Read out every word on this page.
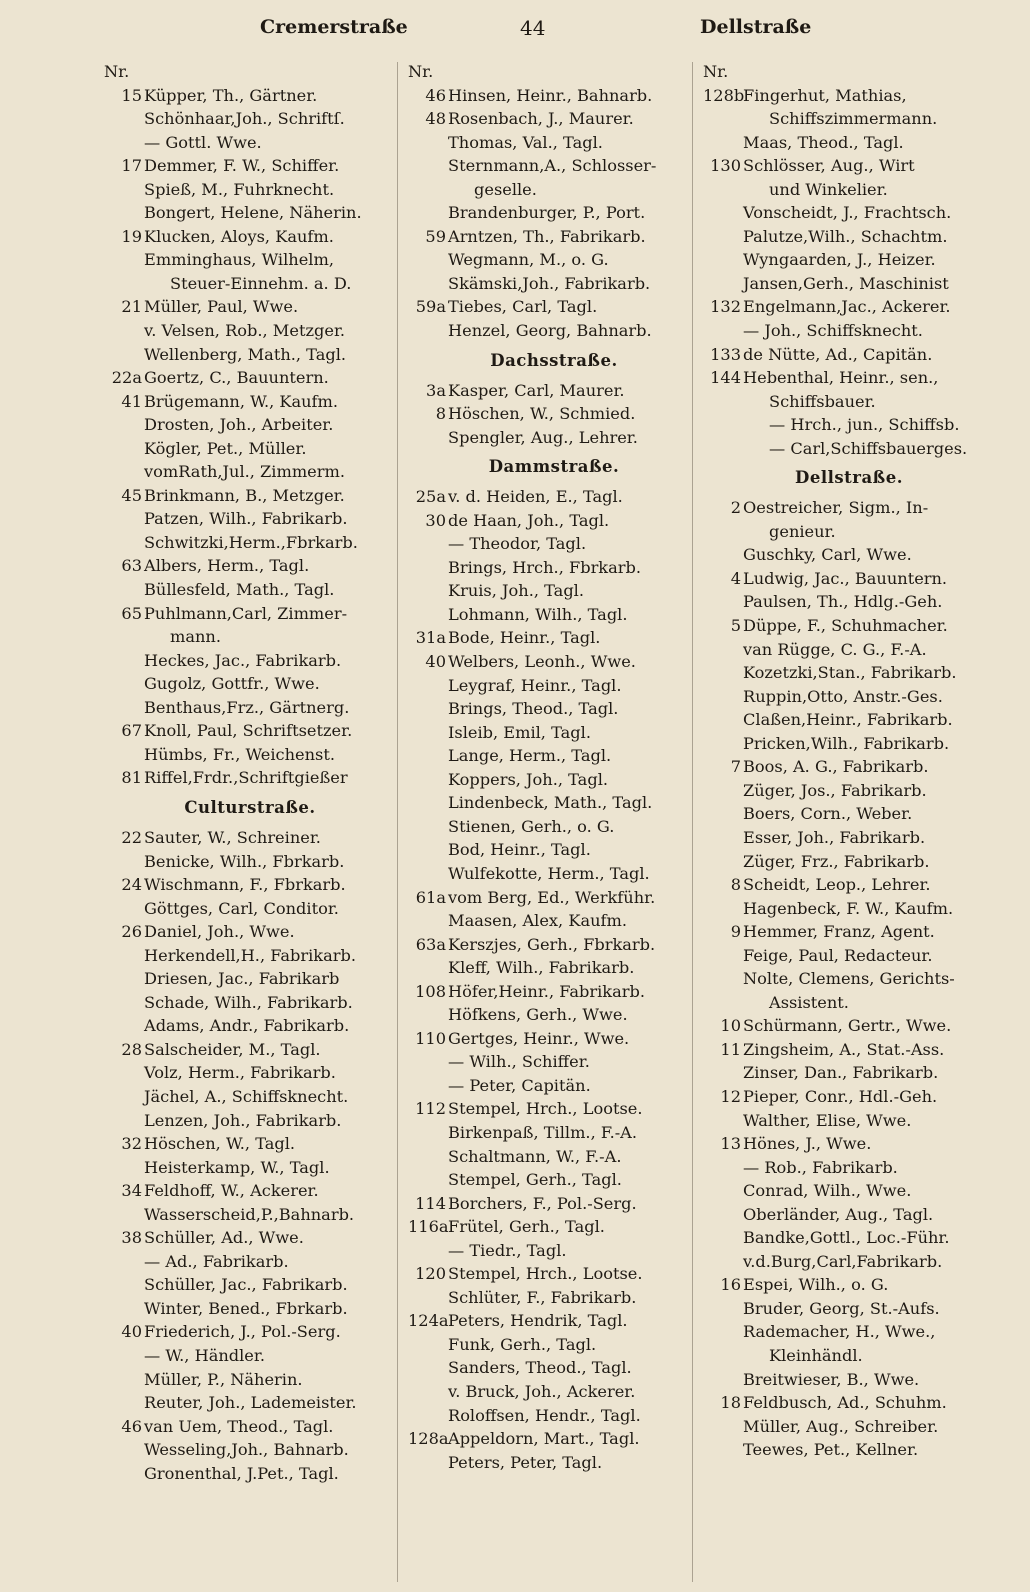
Cremerstraße	44	Dellstraße
Nr.
15 Küpper, Th., Gärtner.
Schönhaar,Joh., Schriftſ.
— Gottl. Wwe.
17 Demmer, F. W., Schiffer.
Spieß, M., Fuhrknecht.
Bongert, Helene, Näherin.
19 Klucken, Aloys, Kaufm.
Emminghaus, Wilhelm,
Steuer-Einnehm. a. D.
21 Müller, Paul, Wwe.
v. Velsen, Rob., Metzger.
Wellenberg, Math., Tagl.
22a Goertz, C., Bauuntern.
41 Brügemann, W., Kaufm.
Drosten, Joh., Arbeiter.
Kögler, Pet., Müller.
vomRath,Jul., Zimmerm.
45 Brinkmann, B., Metzger.
Patzen, Wilh., Fabrikarb.
Schwitzki,Herm.,Fbrkarb.
63 Albers, Herm., Tagl.
Büllesfeld, Math., Tagl.
65 Puhlmann,Carl, Zimmer-
mann.
Heckes, Jac., Fabrikarb.
Gugolz, Gottfr., Wwe.
Benthaus,Frz., Gärtnerg.
67 Knoll, Paul, Schriftsetzer.
Hümbs, Fr., Weichenst.
81 Riffel,Frdr.,Schriftgießer
Culturstraße.
22 Sauter, W., Schreiner.
Benicke, Wilh., Fbrkarb.
24 Wischmann, F., Fbrkarb.
Göttges, Carl, Conditor.
26 Daniel, Joh., Wwe.
Herkendell,H., Fabrikarb.
Driesen, Jac., Fabrikarb
Schade, Wilh., Fabrikarb.
Adams, Andr., Fabrikarb.
28 Salscheider, M., Tagl.
Volz, Herm., Fabrikarb.
Jächel, A., Schiffsknecht.
Lenzen, Joh., Fabrikarb.
32 Höschen, W., Tagl.
Heisterkamp, W., Tagl.
34 Feldhoff, W., Ackerer.
Wasserscheid,P.,Bahnarb.
38 Schüller, Ad., Wwe.
— Ad., Fabrikarb.
Schüller, Jac., Fabrikarb.
Winter, Bened., Fbrkarb.
40 Friederich, J., Pol.-Serg.
— W., Händler.
Müller, P., Näherin.
Reuter, Joh., Lademeister.
46 van Uem, Theod., Tagl.
Wesseling,Joh., Bahnarb.
Gronenthal, J.Pet., Tagl.
Nr.
46 Hinsen, Heinr., Bahnarb.
48 Rosenbach, J., Maurer.
Thomas, Val., Tagl.
Sternmann,A., Schlosser-
geselle.
Brandenburger, P., Port.
59 Arntzen, Th., Fabrikarb.
Wegmann, M., o. G.
Skämski,Joh., Fabrikarb.
59a Tiebes, Carl, Tagl.
Henzel, Georg, Bahnarb.
Dachsstraße.
3a Kasper, Carl, Maurer.
8 Höschen, W., Schmied.
Spengler, Aug., Lehrer.
Dammstraße.
25a v. d. Heiden, E., Tagl.
30 de Haan, Joh., Tagl.
— Theodor, Tagl.
Brings, Hrch., Fbrkarb.
Kruis, Joh., Tagl.
Lohmann, Wilh., Tagl.
31a Bode, Heinr., Tagl.
40 Welbers, Leonh., Wwe.
Leygraf, Heinr., Tagl.
Brings, Theod., Tagl.
Isleib, Emil, Tagl.
Lange, Herm., Tagl.
Koppers, Joh., Tagl.
Lindenbeck, Math., Tagl.
Stienen, Gerh., o. G.
Bod, Heinr., Tagl.
Wulfekotte, Herm., Tagl.
61a vom Berg, Ed., Werkführ.
Maasen, Alex, Kaufm.
63a Kerszjes, Gerh., Fbrkarb.
Kleff, Wilh., Fabrikarb.
108 Höfer,Heinr., Fabrikarb.
Höfkens, Gerh., Wwe.
110 Gertges, Heinr., Wwe.
— Wilh., Schiffer.
— Peter, Capitän.
112 Stempel, Hrch., Lootse.
Birkenpaß, Tillm., F.-A.
Schaltmann, W., F.-A.
Stempel, Gerh., Tagl.
114 Borchers, F., Pol.-Serg.
116a Frütel, Gerh., Tagl.
— Tiedr., Tagl.
120 Stempel, Hrch., Lootse.
Schlüter, F., Fabrikarb.
124a Peters, Hendrik, Tagl.
Funk, Gerh., Tagl.
Sanders, Theod., Tagl.
v. Bruck, Joh., Ackerer.
Roloffsen, Hendr., Tagl.
128a Appeldorn, Mart., Tagl.
Peters, Peter, Tagl.
Nr.
128b
Fingerhut, Mathias,
Schiffszimmermann.
Maas, Theod., Tagl.
130 Schlösser, Aug., Wirt
und Winkelier.
Vonscheidt, J., Frachtsch.
Palutze,Wilh., Schachtm.
Wyngaarden, J., Heizer.
Jansen,Gerh., Maschinist
132 Engelmann,Jac., Ackerer.
— Joh., Schiffsknecht.
133 de Nütte, Ad., Capitän.
144 Hebenthal, Heinr., sen.,
Schiffsbauer.
— Hrch., jun., Schiffsb.
— Carl,Schiffsbauerges.
Dellstraße.
2 Oestreicher, Sigm., In-
genieur.
Guschky, Carl, Wwe.
4 Ludwig, Jac., Bauuntern.
Paulsen, Th., Hdlg.-Geh.
5 Düppe, F., Schuhmacher.
van Rügge, C. G., F.-A.
Kozetzki,Stan., Fabrikarb.
Ruppin,Otto, Anstr.-Ges.
Claßen,Heinr., Fabrikarb.
Pricken,Wilh., Fabrikarb.
7 Boos, A. G., Fabrikarb.
Züger, Jos., Fabrikarb.
Boers, Corn., Weber.
Esser, Joh., Fabrikarb.
Züger, Frz., Fabrikarb.
8 Scheidt, Leop., Lehrer.
Hagenbeck, F. W., Kaufm.
9 Hemmer, Franz, Agent.
Feige, Paul, Redacteur.
Nolte, Clemens, Gerichts-
Assistent.
10 Schürmann, Gertr., Wwe.
11 Zingsheim, A., Stat.-Ass.
Zinser, Dan., Fabrikarb.
12 Pieper, Conr., Hdl.-Geh.
Walther, Elise, Wwe.
13 Hönes, J., Wwe.
— Rob., Fabrikarb.
Conrad, Wilh., Wwe.
Oberländer, Aug., Tagl.
Bandke,Gottl., Loc.-Führ.
v.d.Burg,Carl,Fabrikarb.
16 Espei, Wilh., o. G.
Bruder, Georg, St.-Aufs.
Rademacher, H., Wwe.,
Kleinhändl.
Breitwieser, B., Wwe.
18 Feldbusch, Ad., Schuhm.
Müller, Aug., Schreiber.
Teewes, Pet., Kellner.
